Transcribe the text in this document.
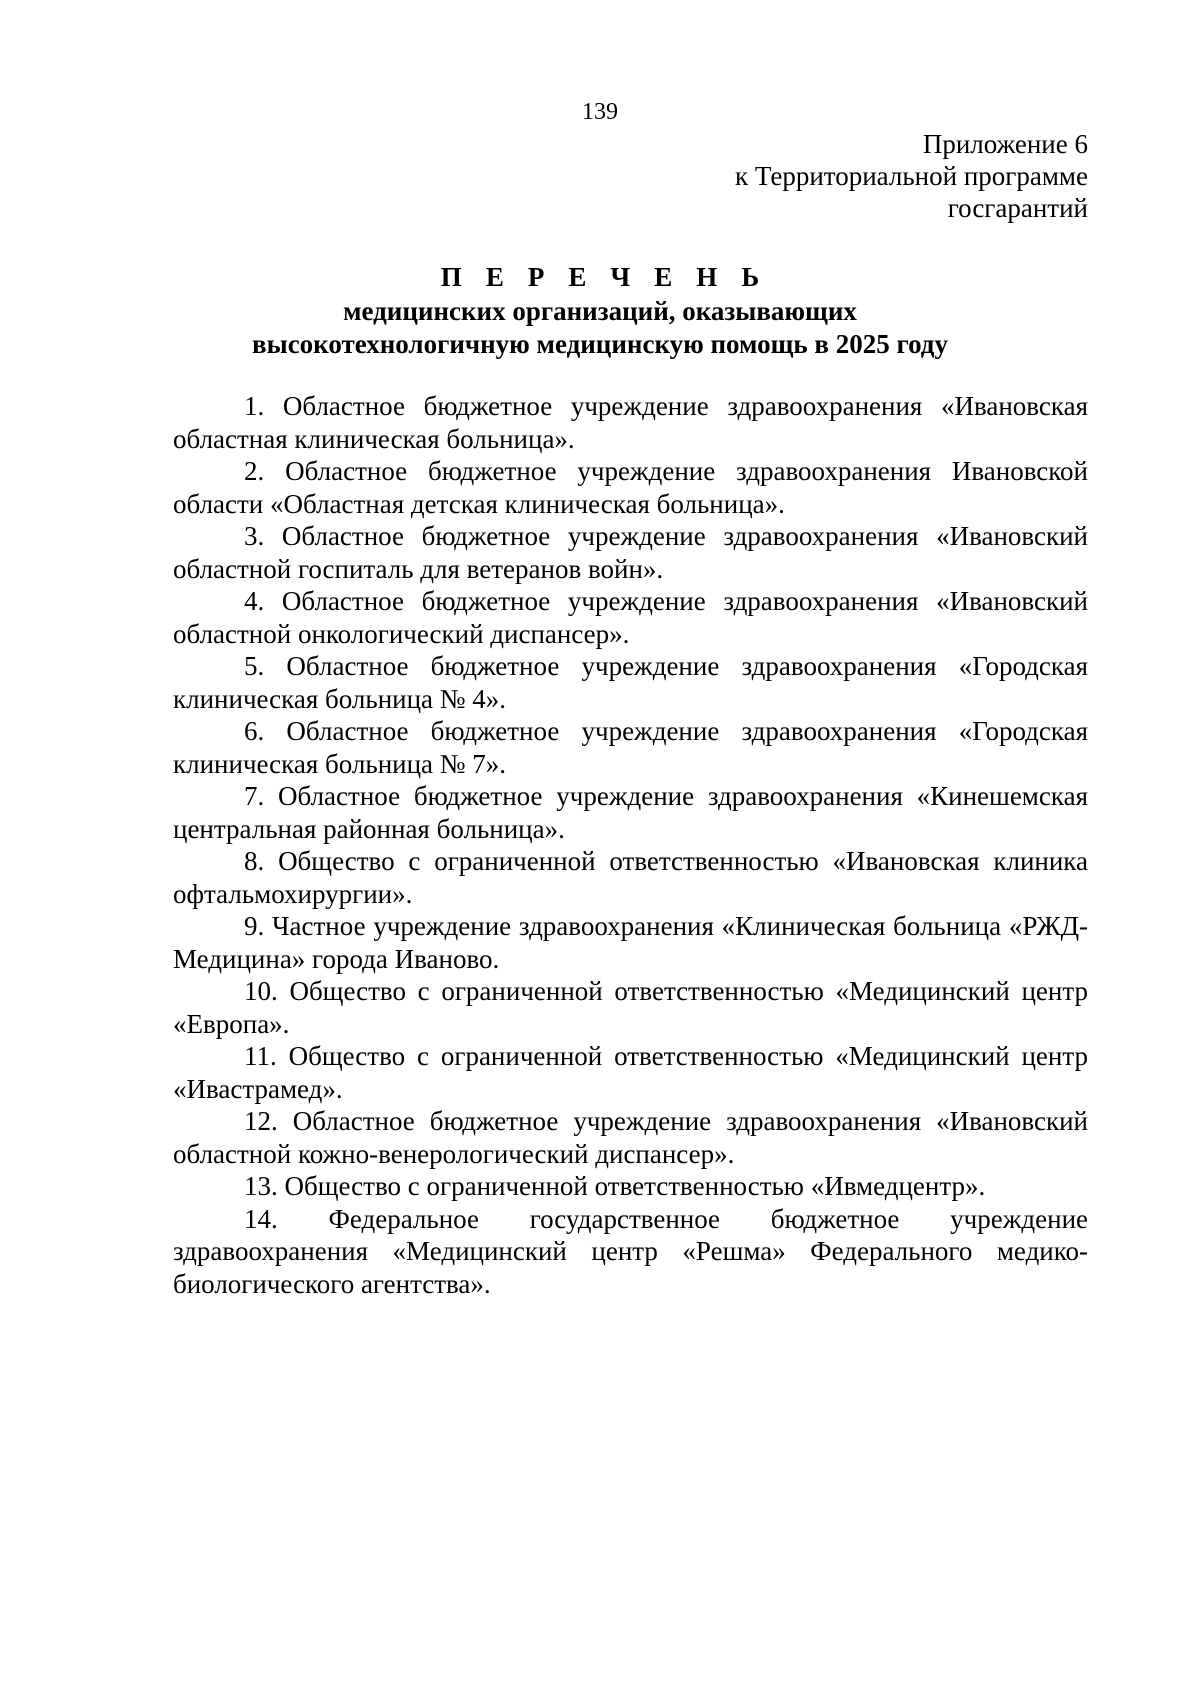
139
Приложение 6
к Территориальной программе
госгарантий
П Е Р Е Ч Е Н Ь
медицинских организаций, оказывающих
высокотехнологичную медицинскую помощь в 2025 году

1. Областное бюджетное учреждение здравоохранения «Ивановская областная клиническая больница».

2. Областное бюджетное учреждение здравоохранения Ивановской области «Областная детская клиническая больница».

3. Областное бюджетное учреждение здравоохранения «Ивановский областной госпиталь для ветеранов войн».

4. Областное бюджетное учреждение здравоохранения «Ивановский областной онкологический диспансер».

5. Областное бюджетное учреждение здравоохранения «Городская клиническая больница № 4».

6. Областное бюджетное учреждение здравоохранения «Городская клиническая больница № 7».

7. Областное бюджетное учреждение здравоохранения «Кинешемская центральная районная больница».

8. Общество с ограниченной ответственностью «Ивановская клиника офтальмохирургии».

9. Частное учреждение здравоохранения «Клиническая больница «РЖД-Медицина» города Иваново.

10. Общество с ограниченной ответственностью «Медицинский центр «Европа».

11. Общество с ограниченной ответственностью «Медицинский центр «Ивастрамед».

12. Областное бюджетное учреждение здравоохранения «Ивановский областной кожно-венерологический диспансер».

13. Общество с ограниченной ответственностью «Ивмедцентр».

14. Федеральное государственное бюджетное учреждение здравоохранения «Медицинский центр «Решма» Федерального медико-биологического агентства».
